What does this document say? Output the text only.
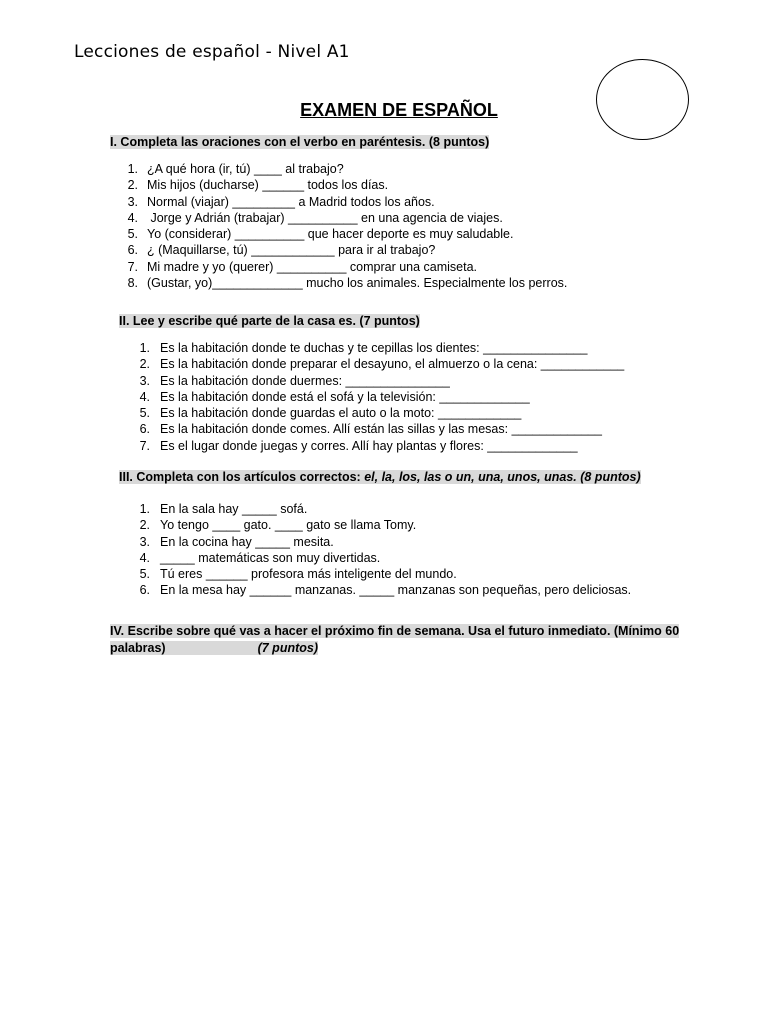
Lecciones de español - Nivel A1
EXAMEN DE ESPAÑOL
I. Completa las oraciones con el verbo en paréntesis. (8 puntos)
1. ¿A qué hora (ir, tú) ____ al trabajo?
2. Mis hijos (ducharse) ______ todos los días.
3. Normal (viajar) _________ a Madrid todos los años.
4. Jorge y Adrián (trabajar) __________ en una agencia de viajes.
5. Yo (considerar) __________ que hacer deporte es muy saludable.
6. ¿ (Maquillarse, tú) ____________ para ir al trabajo?
7. Mi madre y yo (querer) __________ comprar una camiseta.
8. (Gustar, yo)_____________ mucho los animales. Especialmente los perros.
II. Lee y escribe qué parte de la casa es. (7 puntos)
1. Es la habitación donde te duchas y te cepillas los dientes: _______________
2. Es la habitación donde preparar el desayuno, el almuerzo o la cena: ____________
3. Es la habitación donde duermes: _______________
4. Es la habitación donde está el sofá y la televisión: _____________
5. Es la habitación donde guardas el auto o la moto: ____________
6. Es la habitación donde comes. Allí están las sillas y las mesas: _____________
7. Es el lugar donde juegas y corres. Allí hay plantas y flores: _____________
III. Completa con los artículos correctos: el, la, los, las o un, una, unos, unas. (8 puntos)
1. En la sala hay _____ sofá.
2. Yo tengo ____ gato. ____ gato se llama Tomy.
3. En la cocina hay _____ mesita.
4. _____ matemáticas son muy divertidas.
5. Tú eres ______ profesora más inteligente del mundo.
6. En la mesa hay ______ manzanas. _____ manzanas son pequeñas, pero deliciosas.
IV. Escribe sobre qué vas a hacer el próximo fin de semana. Usa el futuro inmediato. (Mínimo 60
palabras)	(7 puntos)
